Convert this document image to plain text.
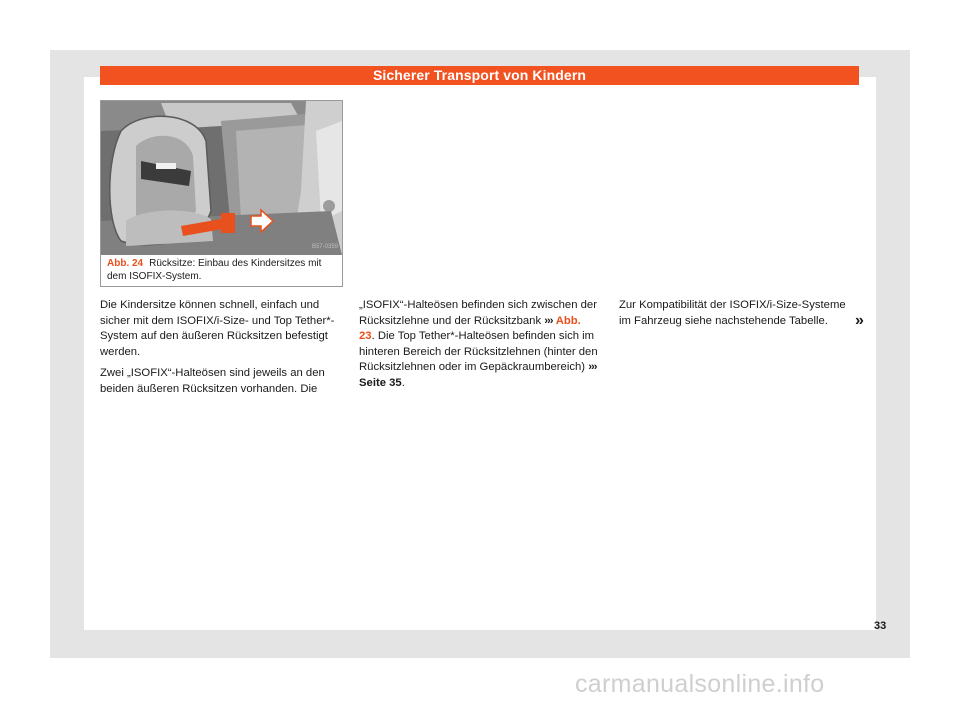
Sicherer Transport von Kindern
B57-0359
Abb. 24 Rücksitze: Einbau des Kindersitzes mit dem ISOFIX-System.

Die Kindersitze können schnell, einfach und sicher mit dem ISOFIX/i-Size- und Top Tether*-System auf den äußeren Rücksitzen befestigt werden.

Zwei „ISOFIX“-Halteösen sind jeweils an den beiden äußeren Rücksitzen vorhanden. Die

„ISOFIX“-Halteösen befinden sich zwischen der Rücksitzlehne und der Rücksitzbank ››› Abb. 23. Die Top Tether*-Halteösen befinden sich im hinteren Bereich der Rücksitzlehnen (hinter den Rücksitzlehnen oder im Gepäckraumbereich) ››› Seite 35.

Zur Kompatibilität der ISOFIX/i-Size-Systeme im Fahrzeug siehe nachstehende Tabelle.	»
33
carmanualsonline.info
